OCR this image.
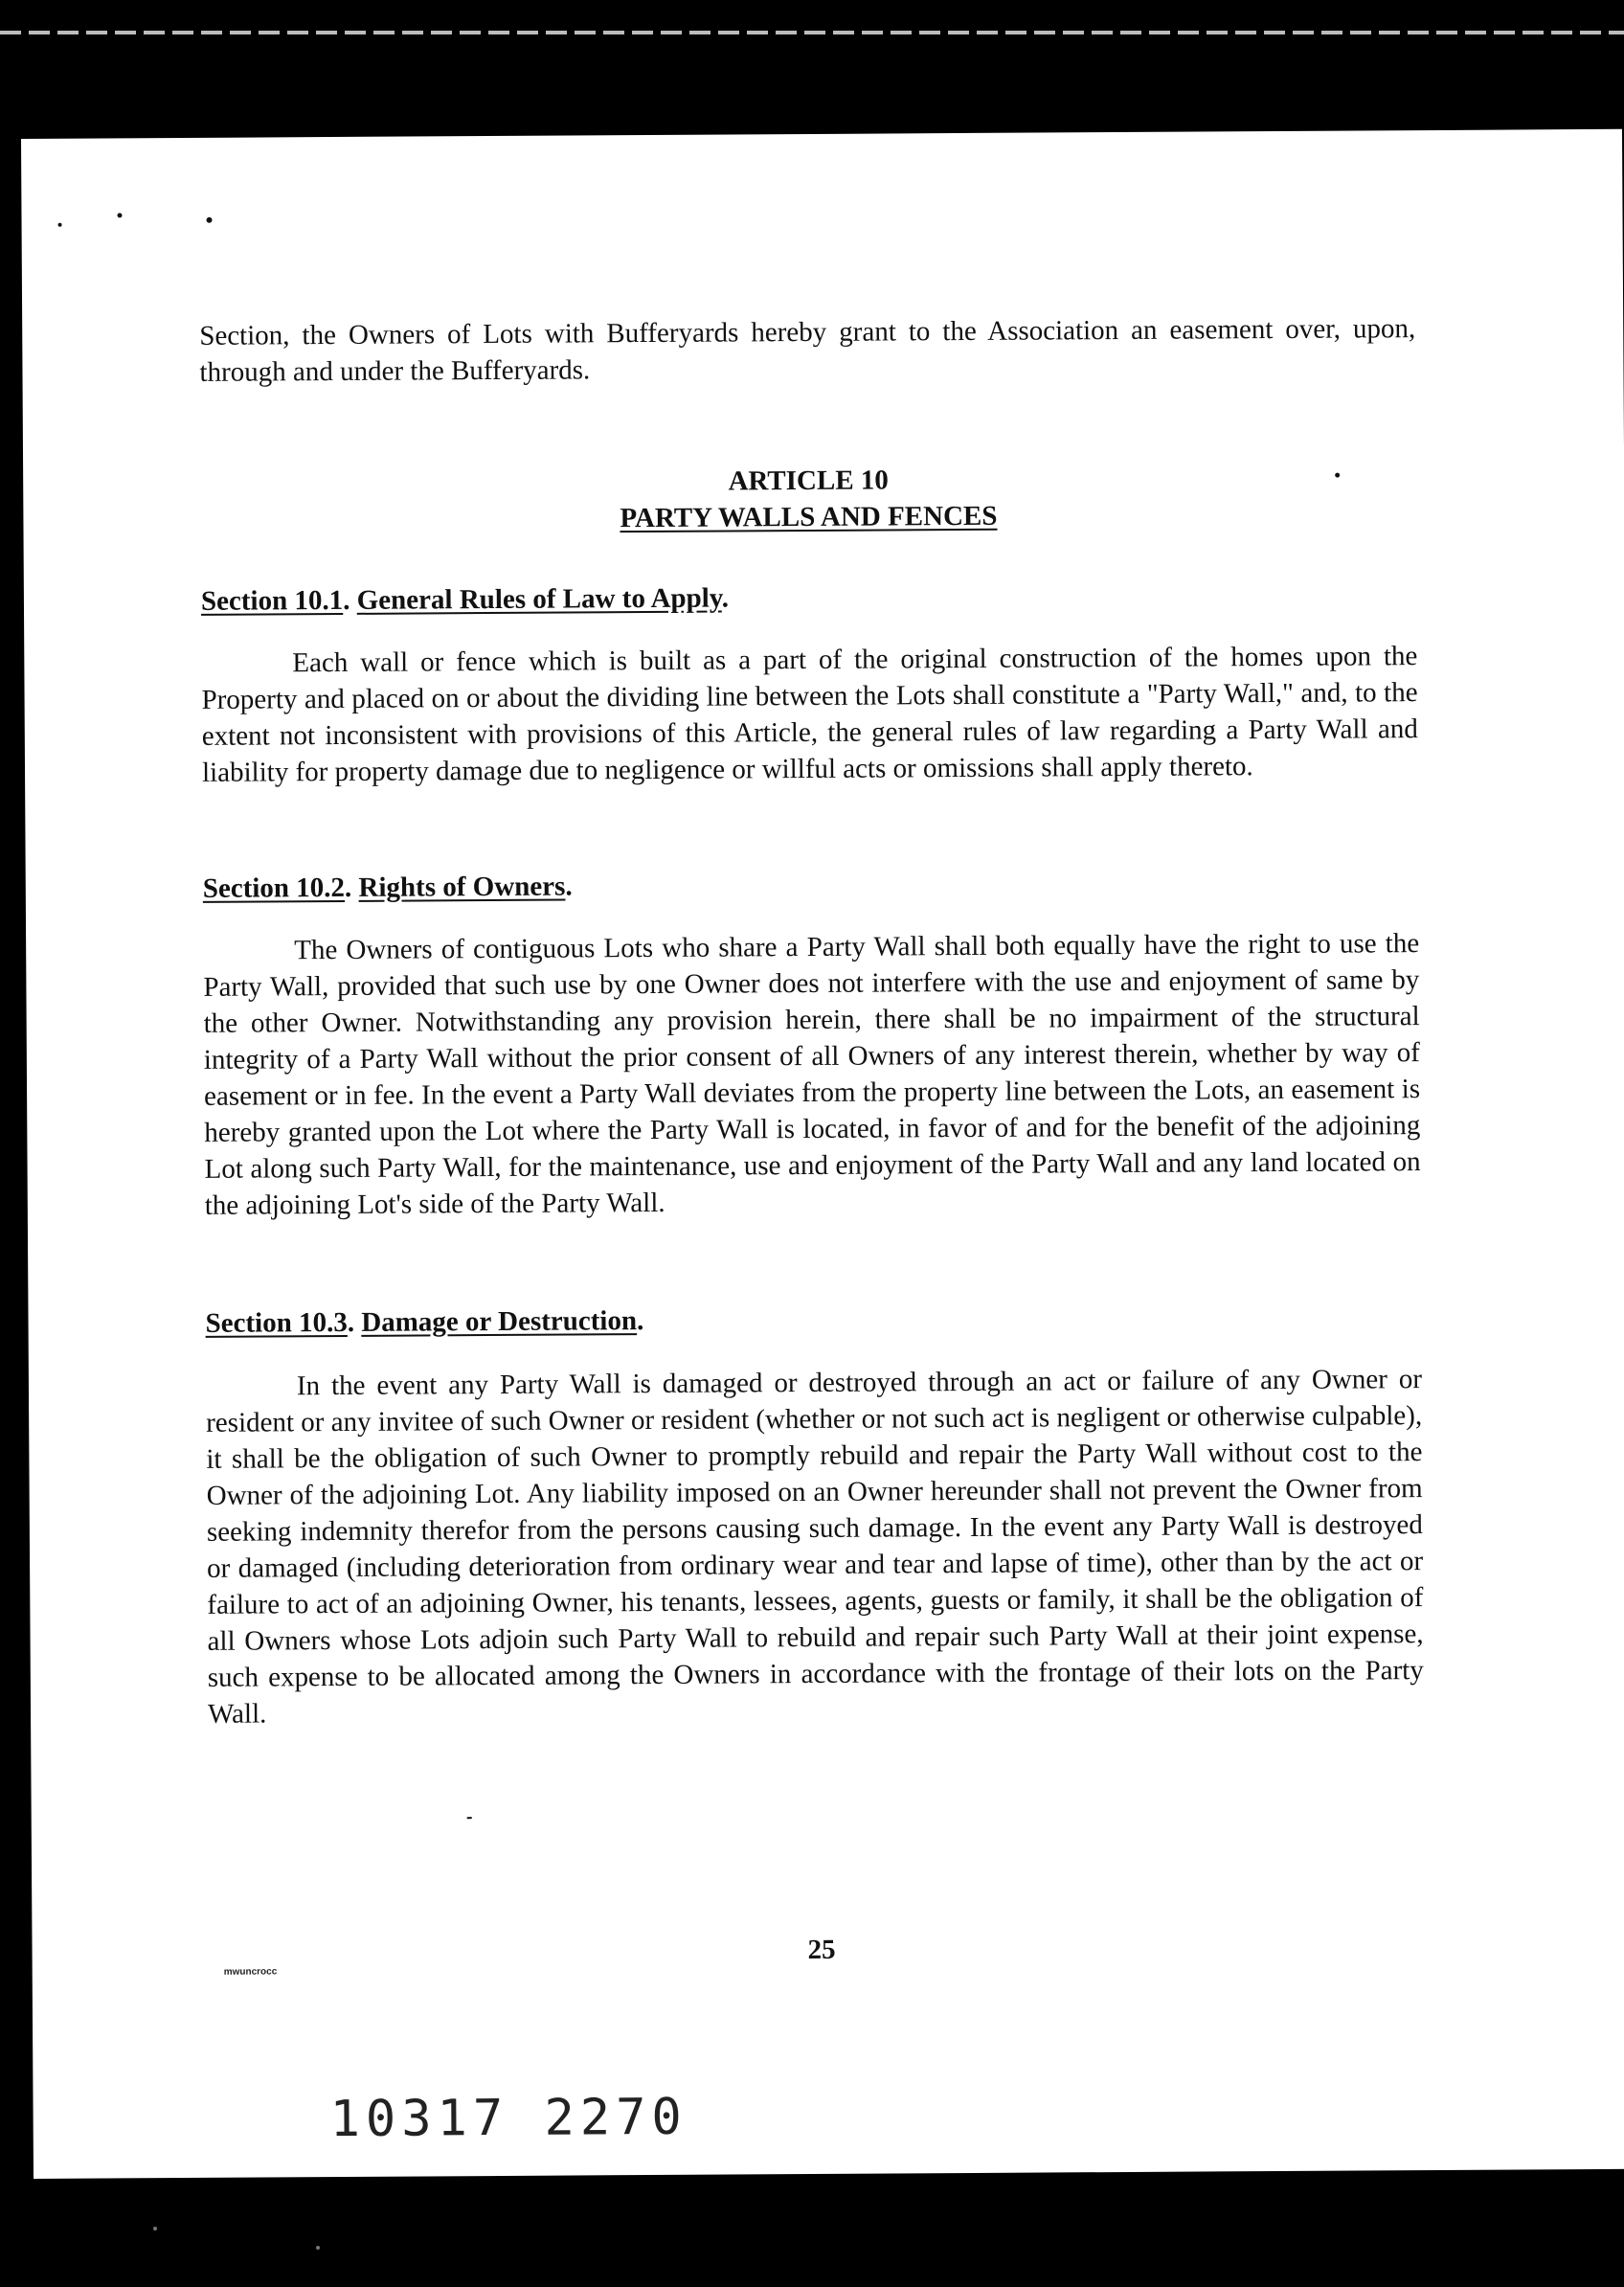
Section, the Owners of Lots with Bufferyards hereby grant to the Association an easement over, upon, through and under the Bufferyards.

ARTICLE 10

PARTY WALLS AND FENCES

Section 10.1. General Rules of Law to Apply.

Each wall or fence which is built as a part of the original construction of the homes upon the Property and placed on or about the dividing line between the Lots shall constitute a "Party Wall," and, to the extent not inconsistent with provisions of this Article, the general rules of law regarding a Party Wall and liability for property damage due to negligence or willful acts or omissions shall apply thereto.

Section 10.2. Rights of Owners.

The Owners of contiguous Lots who share a Party Wall shall both equally have the right to use the Party Wall, provided that such use by one Owner does not interfere with the use and enjoyment of same by the other Owner. Notwithstanding any provision herein, there shall be no impairment of the structural integrity of a Party Wall without the prior consent of all Owners of any interest therein, whether by way of easement or in fee. In the event a Party Wall deviates from the property line between the Lots, an easement is hereby granted upon the Lot where the Party Wall is located, in favor of and for the benefit of the adjoining Lot along such Party Wall, for the maintenance, use and enjoyment of the Party Wall and any land located on the adjoining Lot's side of the Party Wall.

Section 10.3. Damage or Destruction.

In the event any Party Wall is damaged or destroyed through an act or failure of any Owner or resident or any invitee of such Owner or resident (whether or not such act is negligent or otherwise culpable), it shall be the obligation of such Owner to promptly rebuild and repair the Party Wall without cost to the Owner of the adjoining Lot. Any liability imposed on an Owner hereunder shall not prevent the Owner from seeking indemnity therefor from the persons causing such damage. In the event any Party Wall is destroyed or damaged (including deterioration from ordinary wear and tear and lapse of time), other than by the act or failure to act of an adjoining Owner, his tenants, lessees, agents, guests or family, it shall be the obligation of all Owners whose Lots adjoin such Party Wall to rebuild and repair such Party Wall at their joint expense, such expense to be allocated among the Owners in accordance with the frontage of their lots on the Party Wall.

25
mwuncrocc
10317 2270
